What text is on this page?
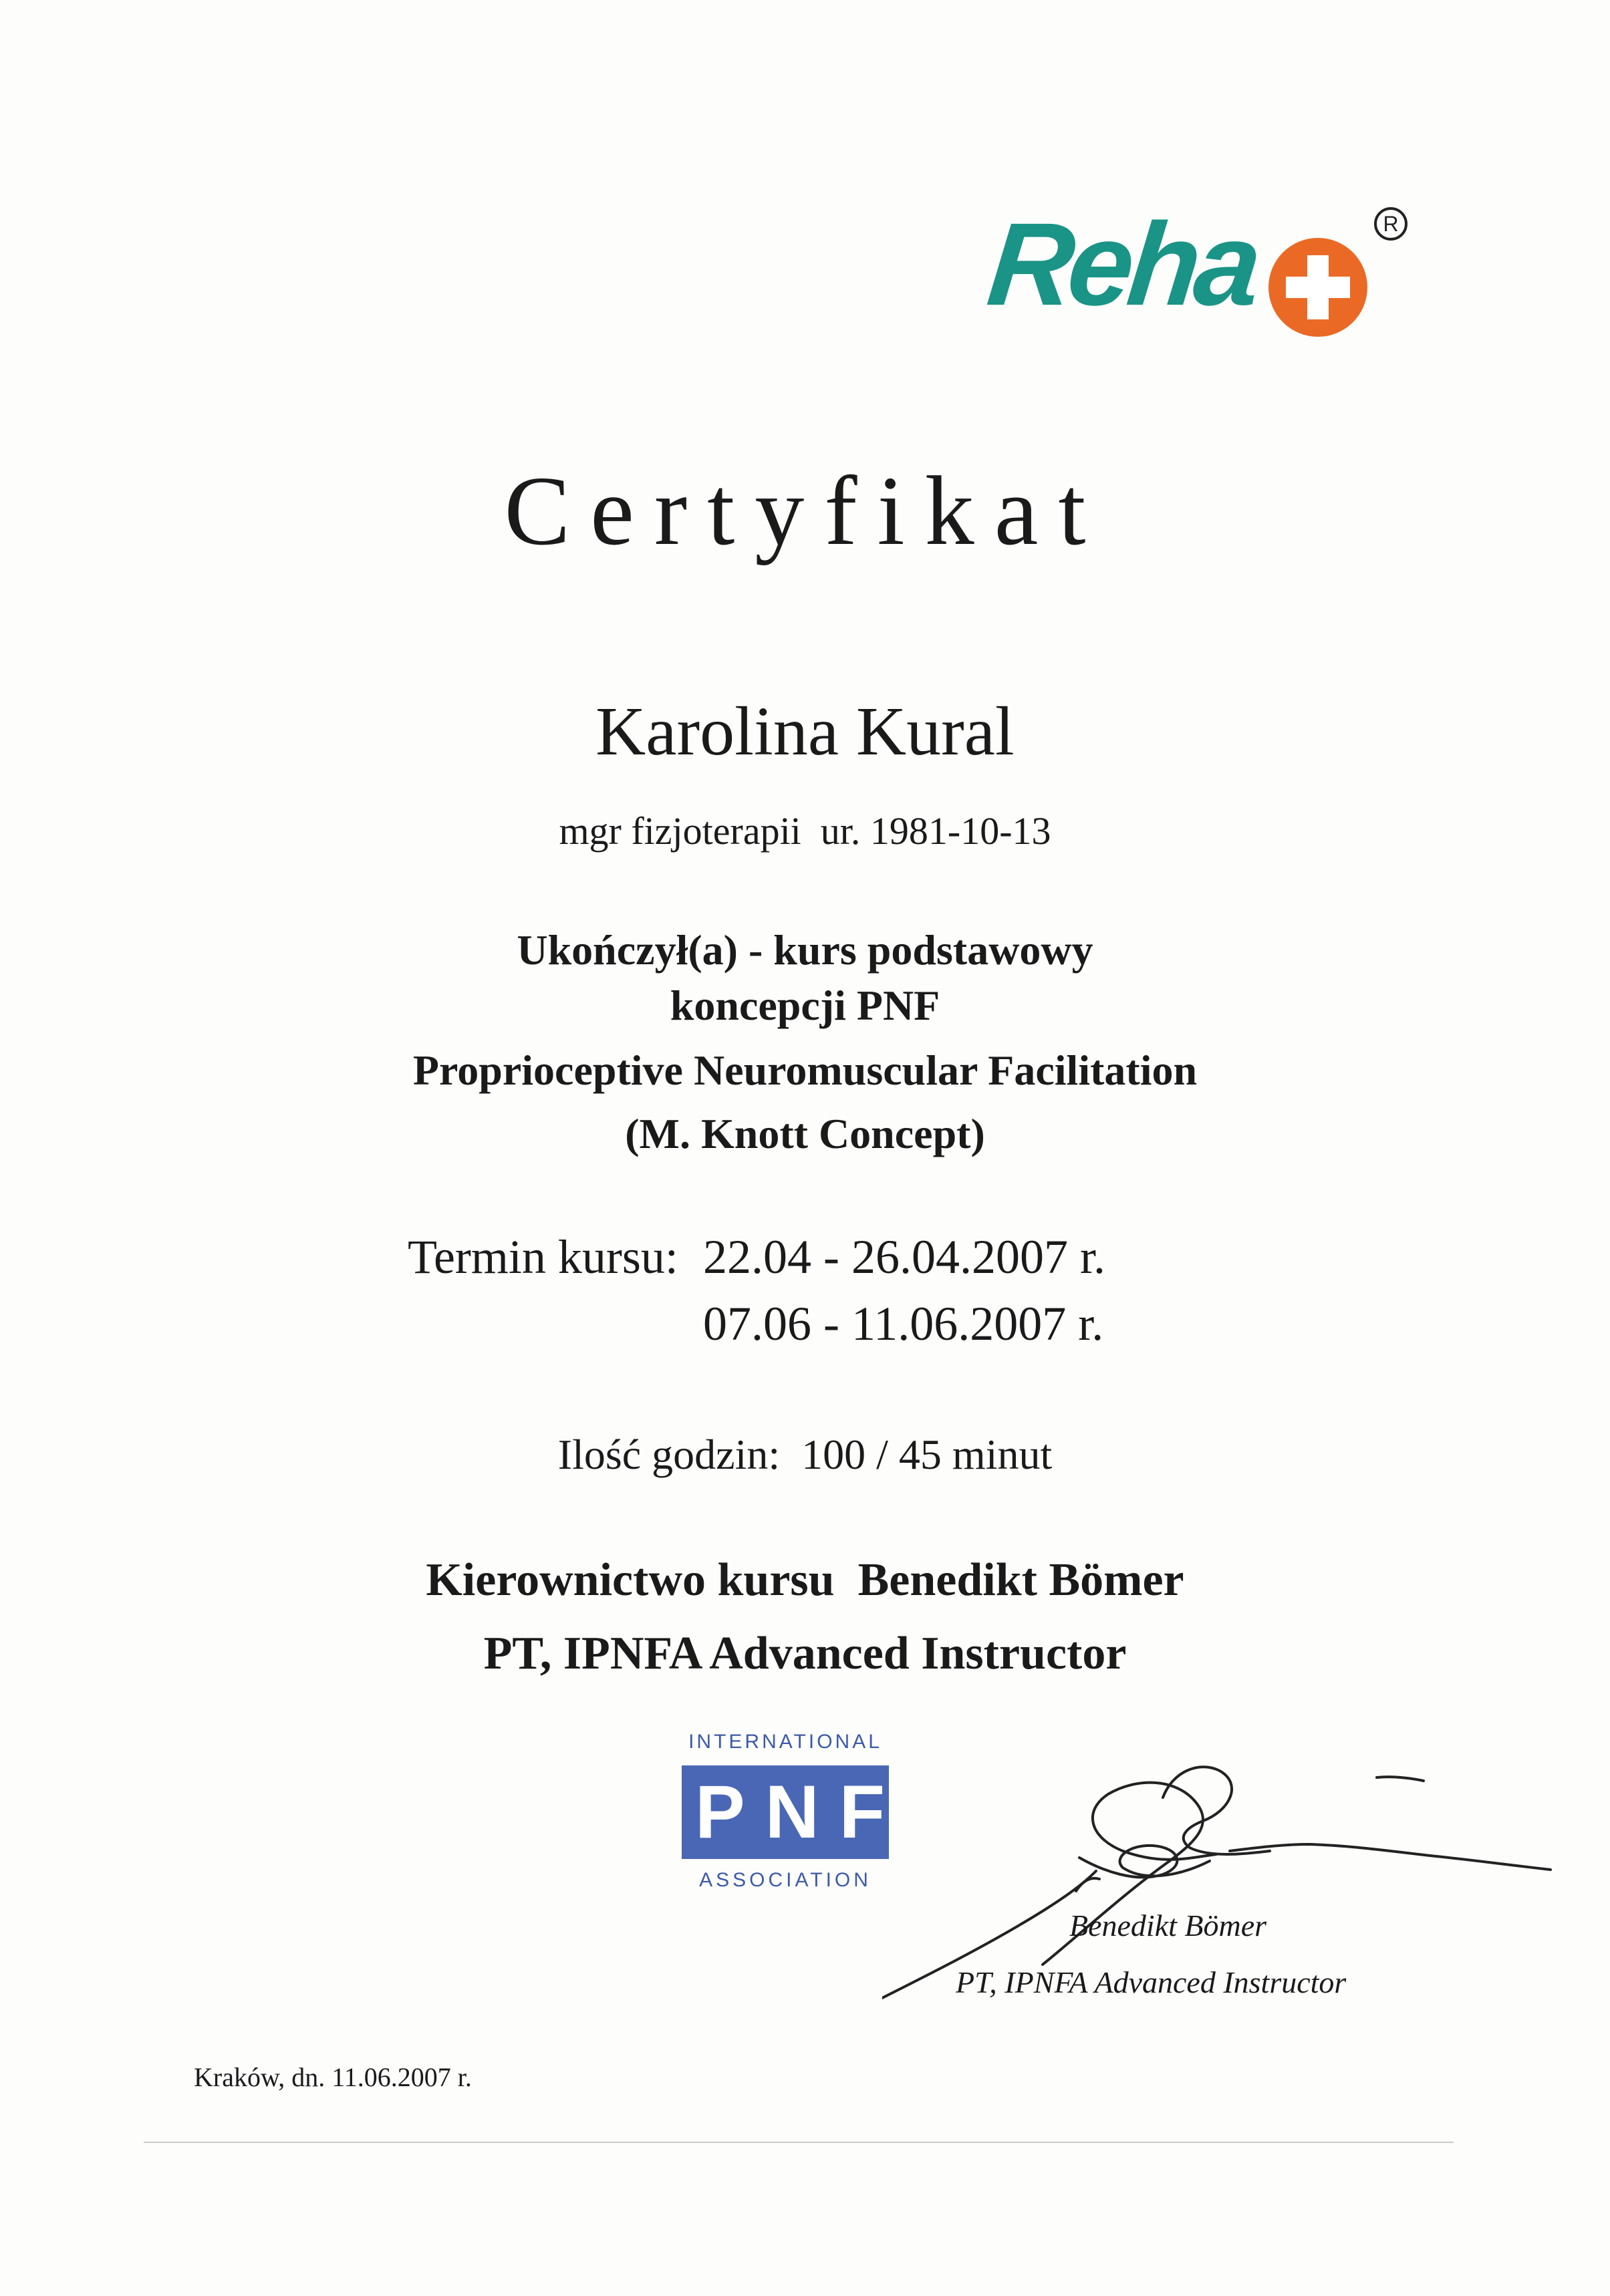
Reha	R
Certyfikat
Karolina Kural
mgr fizjoterapii  ur. 1981-10-13
Ukończył(a) - kurs podstawowy
koncepcji PNF
Proprioceptive Neuromuscular Facilitation
(M. Knott Concept)
Termin kursu: 22.04 - 26.04.2007 r.
07.06 - 11.06.2007 r.
Ilość godzin:  100 / 45 minut
Kierownictwo kursu  Benedikt Bömer
PT, IPNFA Advanced Instructor
INTERNATIONAL
PNF
ASSOCIATION
Benedikt Bömer
PT, IPNFA Advanced Instructor
Kraków, dn. 11.06.2007 r.
